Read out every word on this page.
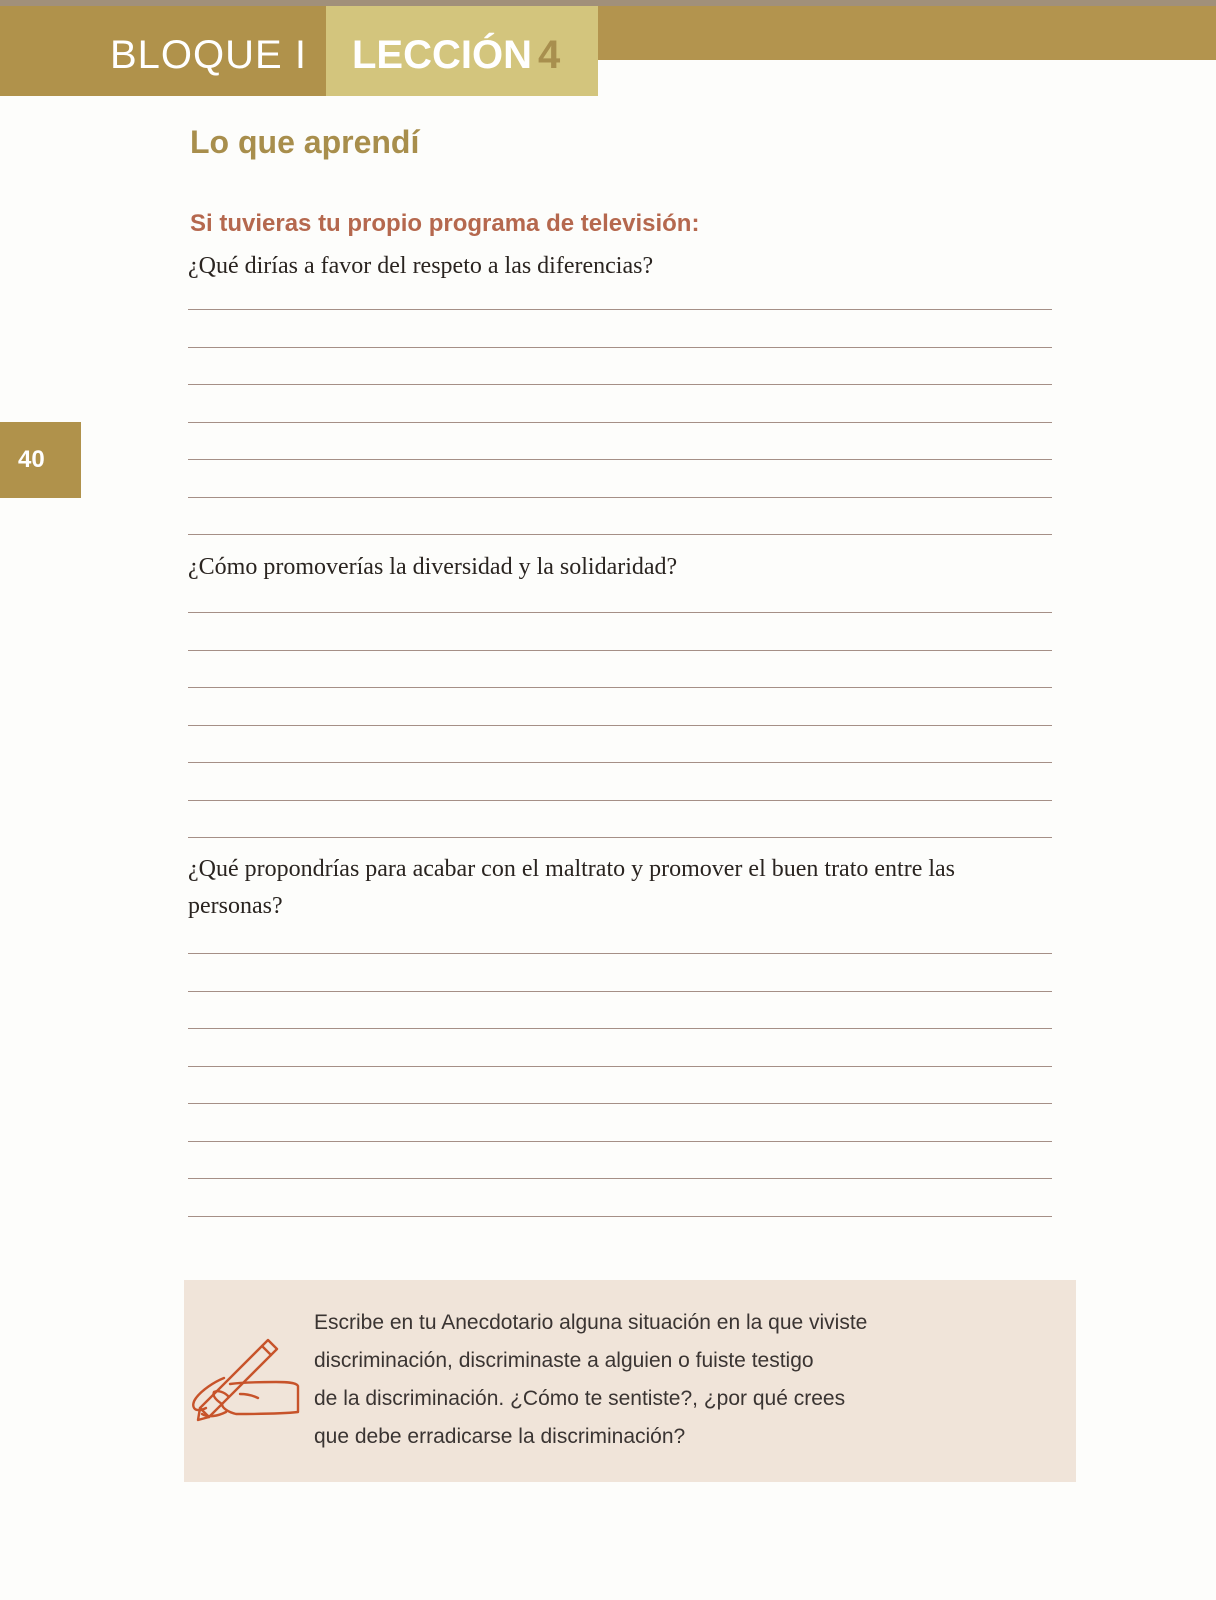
BLOQUE I	LECCIÓN 4
40
Lo que aprendí
Si tuvieras tu propio programa de televisión:

¿Qué dirías a favor del respeto a las diferencias?

¿Cómo promoverías la diversidad y la solidaridad?

¿Qué propondrías para acabar con el maltrato y promover el buen trato entre las personas?

Escribe en tu Anecdotario alguna situación en la que viviste
discriminación, discriminaste a alguien o fuiste testigo
de la discriminación. ¿Cómo te sentiste?, ¿por qué crees
que debe erradicarse la discriminación?
